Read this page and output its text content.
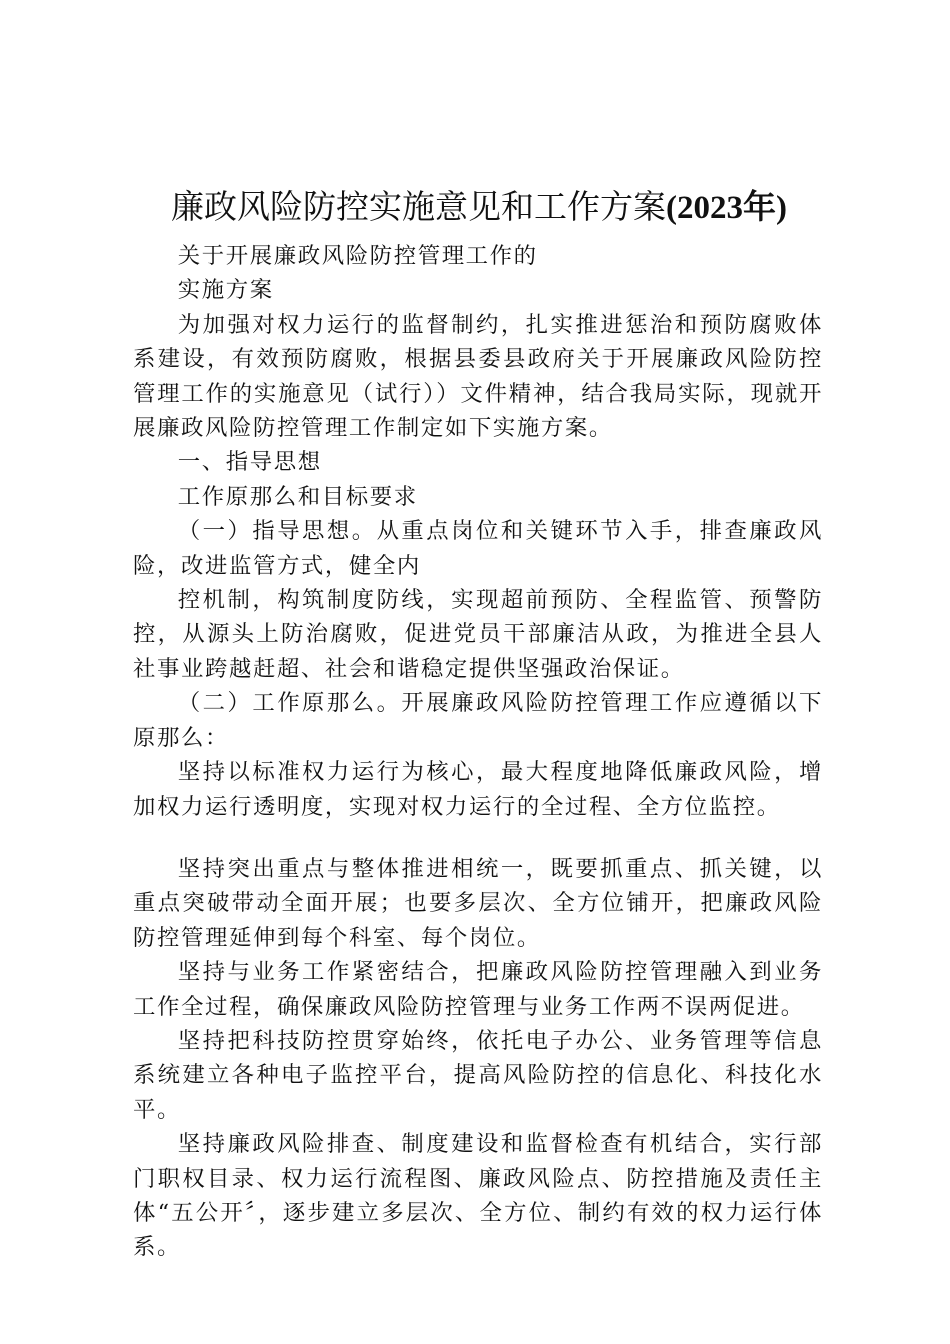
廉政风险防控实施意见和工作方案(2023年)

关于开展廉政风险防控管理工作的

实施方案

为加强对权力运行的监督制约，扎实推进惩治和预防腐败体系建设，有效预防腐败，根据县委县政府关于开展廉政风险防控管理工作的实施意见（试行））文件精神，结合我局实际，现就开展廉政风险防控管理工作制定如下实施方案。

一、指导思想

工作原那么和目标要求

（一）指导思想。从重点岗位和关键环节入手，排查廉政风险，改进监管方式，健全内

控机制，构筑制度防线，实现超前预防、全程监管、预警防控，从源头上防治腐败，促进党员干部廉洁从政，为推进全县人社事业跨越赶超、社会和谐稳定提供坚强政治保证。

（二）工作原那么。开展廉政风险防控管理工作应遵循以下原那么：

坚持以标准权力运行为核心，最大程度地降低廉政风险，增加权力运行透明度，实现对权力运行的全过程、全方位监控。

坚持突出重点与整体推进相统一，既要抓重点、抓关键，以重点突破带动全面开展；也要多层次、全方位铺开，把廉政风险防控管理延伸到每个科室、每个岗位。

坚持与业务工作紧密结合，把廉政风险防控管理融入到业务工作全过程，确保廉政风险防控管理与业务工作两不误两促进。

坚持把科技防控贯穿始终，依托电子办公、业务管理等信息系统建立各种电子监控平台，提高风险防控的信息化、科技化水平。

坚持廉政风险排查、制度建设和监督检查有机结合，实行部门职权目录、权力运行流程图、廉政风险点、防控措施及责任主体“五公开〞，逐步建立多层次、全方位、制约有效的权力运行体系。
